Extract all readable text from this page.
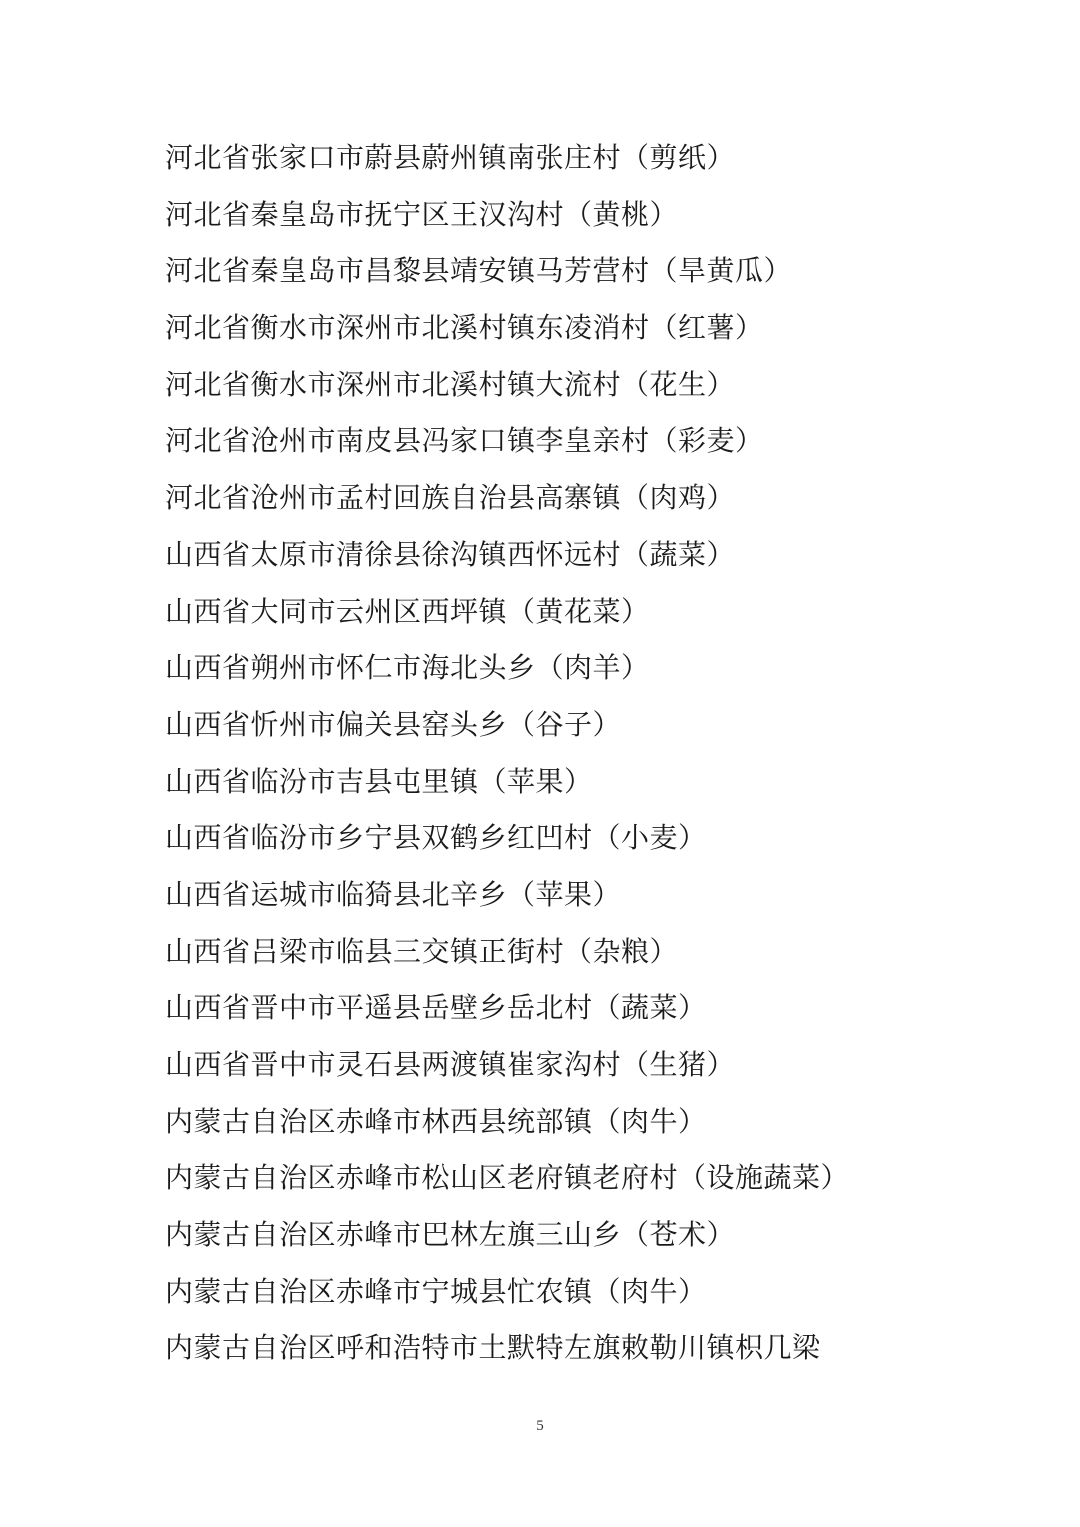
河北省张家口市蔚县蔚州镇南张庄村（剪纸）
河北省秦皇岛市抚宁区王汉沟村（黄桃）
河北省秦皇岛市昌黎县靖安镇马芳营村（旱黄瓜）
河北省衡水市深州市北溪村镇东凌消村（红薯）
河北省衡水市深州市北溪村镇大流村（花生）
河北省沧州市南皮县冯家口镇李皇亲村（彩麦）
河北省沧州市孟村回族自治县高寨镇（肉鸡）
山西省太原市清徐县徐沟镇西怀远村（蔬菜）
山西省大同市云州区西坪镇（黄花菜）
山西省朔州市怀仁市海北头乡（肉羊）
山西省忻州市偏关县窑头乡（谷子）
山西省临汾市吉县屯里镇（苹果）
山西省临汾市乡宁县双鹤乡红凹村（小麦）
山西省运城市临猗县北辛乡（苹果）
山西省吕梁市临县三交镇正街村（杂粮）
山西省晋中市平遥县岳壁乡岳北村（蔬菜）
山西省晋中市灵石县两渡镇崔家沟村（生猪）
内蒙古自治区赤峰市林西县统部镇（肉牛）
内蒙古自治区赤峰市松山区老府镇老府村（设施蔬菜）
内蒙古自治区赤峰市巴林左旗三山乡（苍术）
内蒙古自治区赤峰市宁城县忙农镇（肉牛）
内蒙古自治区呼和浩特市土默特左旗敕勒川镇枳几梁
5
